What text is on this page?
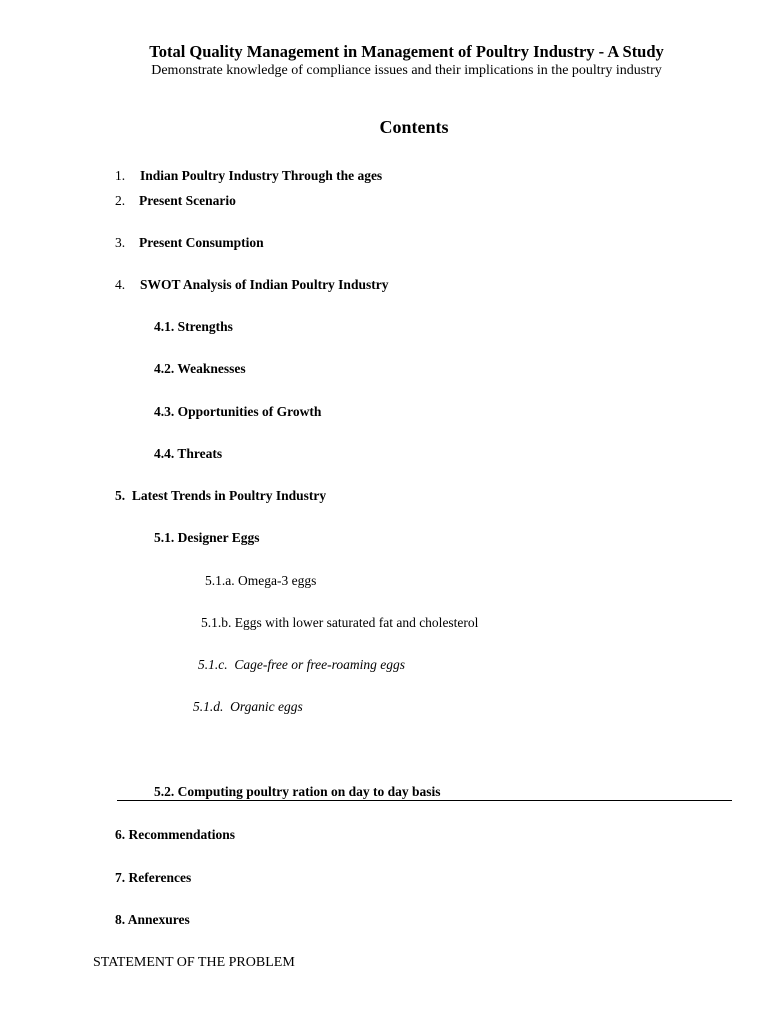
Total Quality Management in Management of Poultry Industry - A Study
Demonstrate knowledge of compliance issues and their implications in the poultry industry
Contents
1. Indian Poultry Industry Through the ages
2. Present Scenario
3. Present Consumption
4. SWOT Analysis of Indian Poultry Industry
4.1. Strengths
4.2. Weaknesses
4.3. Opportunities of Growth
4.4. Threats
5.  Latest Trends in Poultry Industry
5.1. Designer Eggs
5.1.a. Omega-3 eggs
5.1.b. Eggs with lower saturated fat and cholesterol
5.1.c.  Cage-free or free-roaming eggs
5.1.d.  Organic eggs
5.2. Computing poultry ration on day to day basis
6. Recommendations
7. References
8. Annexures
STATEMENT OF THE PROBLEM
